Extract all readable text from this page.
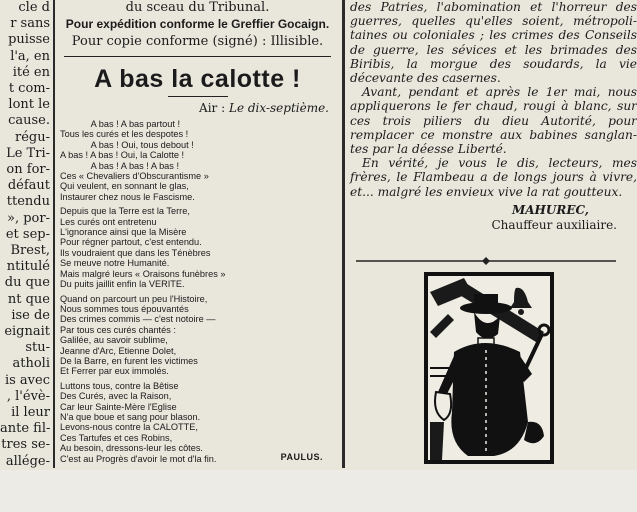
cle d
r sans
puisse
l'a, en
ité en
t com-
lont le
cause.
régu-
Le Tri-
on for-
défaut
ttendu
», por-
et sep-
Brest,
ntitulé
du que
nt que
ise de
eignait
stu-
atholi
is avec
, l'évè-
il leur
ante fil-
tres se-
allége-
du sceau du Tribunal.
Pour expédition conforme le Greffier Gocaign.
Pour copie conforme (signé) : Illisible.
A bas la calotte !
Air : Le dix-septième.
A bas ! A bas partout !
Tous les curés et les despotes !
A bas ! Oui, tous debout !
A bas ! A bas ! Oui, la Calotte !
A bas ! A bas ! A bas !
Ces « Chevaliers d'Obscurantisme »
Qui veulent, en sonnant le glas,
Instaurer chez nous le Fascisme.
Depuis que la Terre est la Terre,
Les curés ont entretenu
L'ignorance ainsi que la Misère
Pour régner partout, c'est entendu.
Ils voudraient que dans les Ténèbres
Se meuve notre Humanité.
Mais malgré leurs « Oraisons funèbres »
Du puits jaillit enfin la VERITE.
Quand on parcourt un peu l'Histoire,
Nous sommes tous épouvantés
Des crimes commis — c'est notoire —
Par tous ces curés chantés :
Galilée, au savoir sublime,
Jeanne d'Arc, Etienne Dolet,
De la Barre, en furent les victimes
Et Ferrer par eux immolés.
Luttons tous, contre la Bêtise
Des Curés, avec la Raison,
Car leur Sainte-Mère l'Eglise
N'a que boue et sang pour blason.
Levons-nous contre la CALOTTE,
Ces Tartufes et ces Robins,
Au besoin, dressons-leur les côtes.
C'est au Progrès d'avoir le mot d'la fin.	PAULUS.

des Patries, l'abomination et l'horreur des guerres, quelles qu'elles soient, métropoli- taines ou coloniales ; les crimes des Conseils de guerre, les sévices et les brimades des Biribis, la morgue des soudards, la vie décevante des casernes.

Avant, pendant et après le 1er mai, nous appliquerons le fer chaud, rougi à blanc, sur ces trois piliers du dieu Autorité, pour remplacer ce monstre aux babines sanglan- tes par la déesse Liberté.

En vérité, je vous le dis, lecteurs, mes frères, le Flambeau a de longs jours à vivre, et... malgré les envieux vive la rat goutteux.

MAHUREC,
Chauffeur auxiliaire.
